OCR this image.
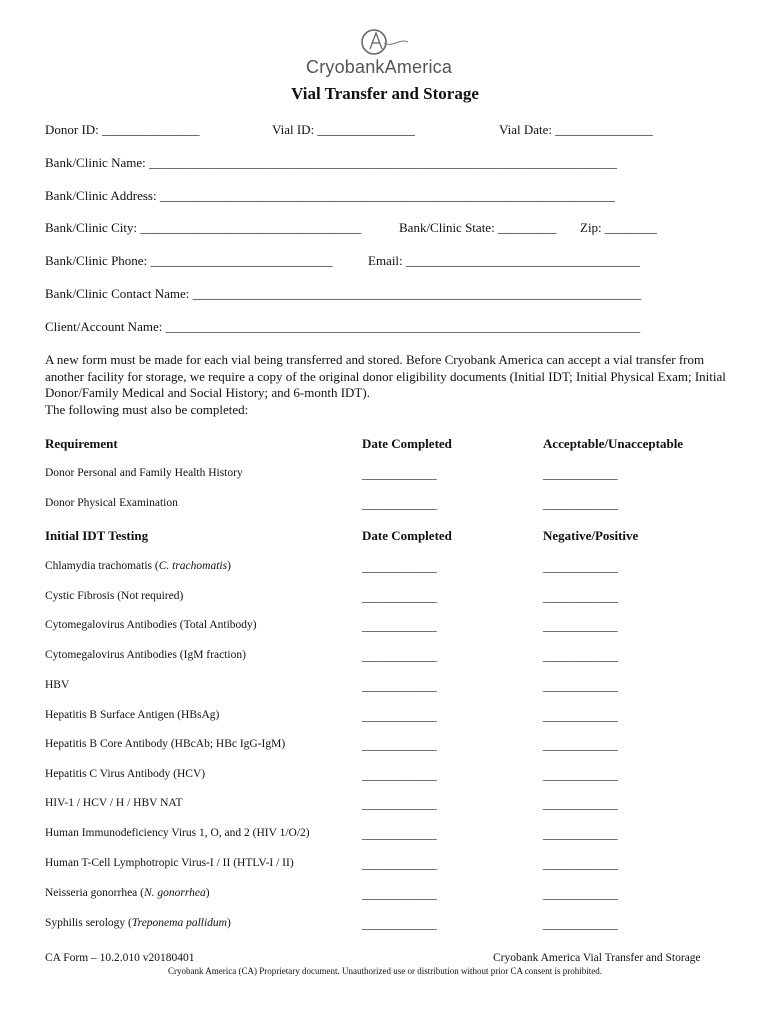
CryobankAmerica
Vial Transfer and Storage
Donor ID: _______________	Vial ID: _______________	Vial Date: _______________
Bank/Clinic Name: ________________________________________________________________________
Bank/Clinic Address: ______________________________________________________________________
Bank/Clinic City: __________________________________	Bank/Clinic State: _________ Zip: ________
Bank/Clinic Phone: ____________________________	Email: ____________________________________
Bank/Clinic Contact Name: _____________________________________________________________________
Client/Account Name: _________________________________________________________________________

A new form must be made for each vial being transferred and stored. Before Cryobank America can accept a vial transfer from another facility for storage, we require a copy of the original donor eligibility documents (Initial IDT; Initial Physical Exam; Initial Donor/Family Medical and Social History; and 6-month IDT).

The following must also be completed:

Requirement	Date Completed	Acceptable/Unacceptable
Donor Personal and Family Health History	_____________	_____________
Donor Physical Examination	_____________	_____________
Initial IDT Testing	Date Completed	Negative/Positive
Chlamydia trachomatis (C. trachomatis)	_____________	_____________
Cystic Fibrosis (Not required)	_____________	_____________
Cytomegalovirus Antibodies (Total Antibody)	_____________	_____________
Cytomegalovirus Antibodies (IgM fraction)	_____________	_____________
HBV	_____________	_____________
Hepatitis B Surface Antigen (HBsAg)	_____________	_____________
Hepatitis B Core Antibody (HBcAb; HBc IgG-IgM)	_____________	_____________
Hepatitis C Virus Antibody (HCV)	_____________	_____________
HIV-1 / HCV / H / HBV NAT	_____________	_____________
Human Immunodeficiency Virus 1, O, and 2 (HIV 1/O/2)	_____________	_____________
Human T-Cell Lymphotropic Virus-I / II (HTLV-I / II)	_____________	_____________
Neisseria gonorrhea (N. gonorrhea)	_____________	_____________
Syphilis serology (Treponema pallidum)	_____________	_____________
CA Form – 10.2.010 v20180401	Cryobank America Vial Transfer and Storage
Cryobank America (CA) Proprietary document. Unauthorized use or distribution without prior CA consent is prohibited.
